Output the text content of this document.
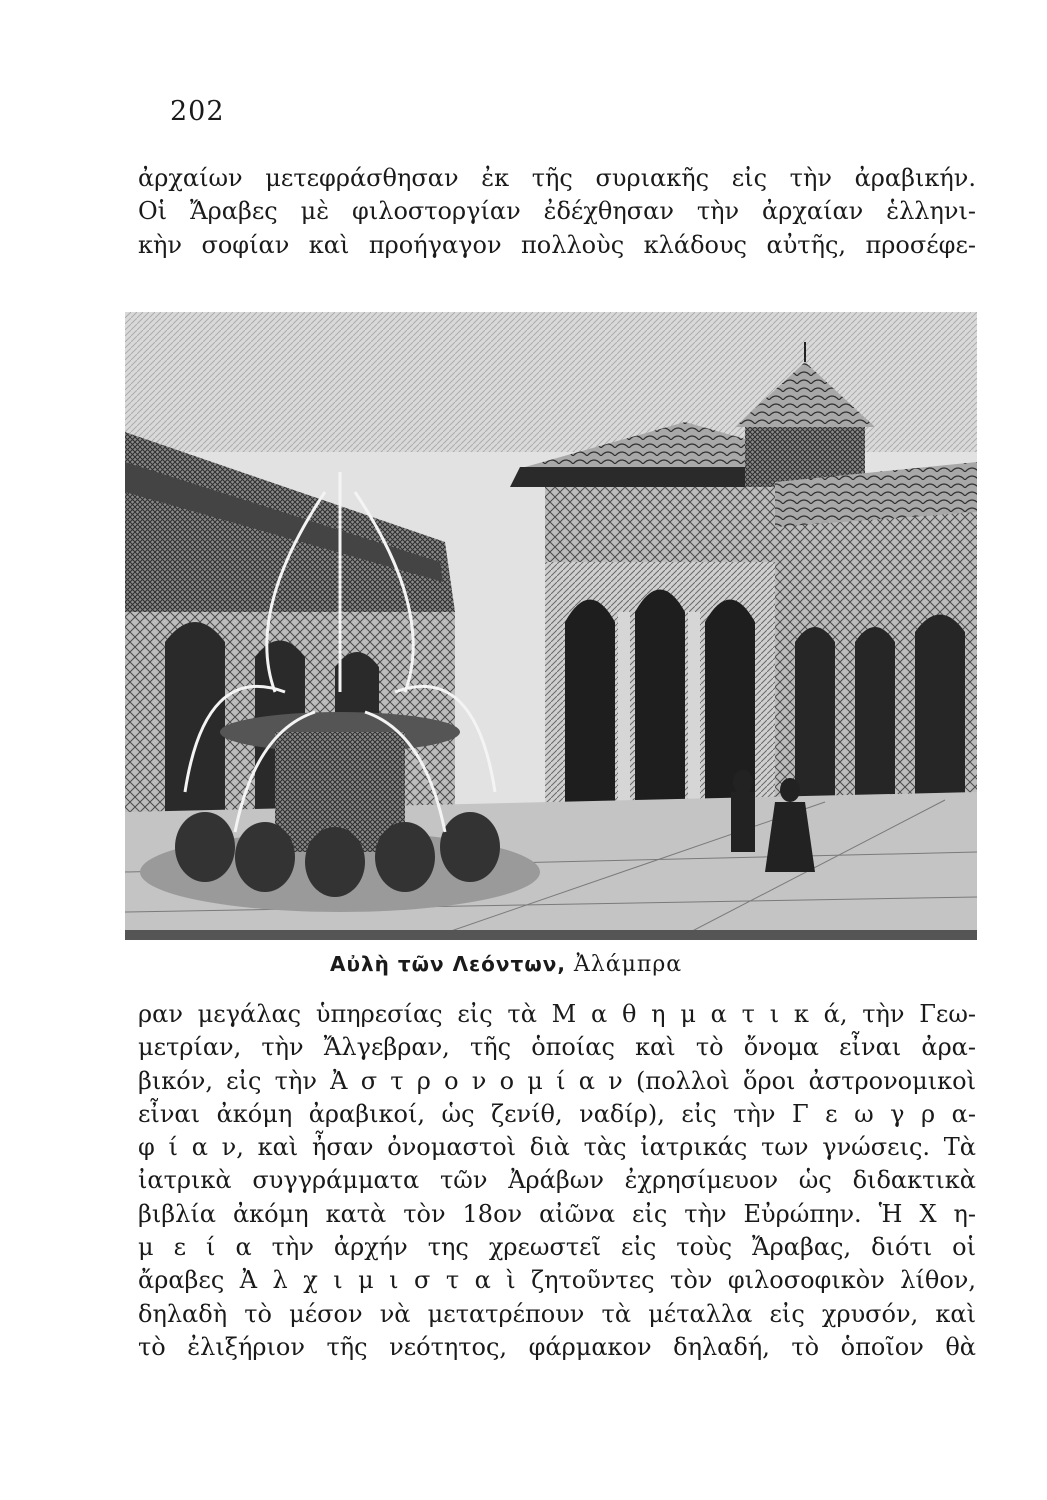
202
ἀρχαίων μετεφράσθησαν ἐκ τῆς συριακῆς εἰς τὴν ἀραβικήν.
Οἱ Ἄραβες μὲ φιλοστοργίαν ἐδέχθησαν τὴν ἀρχαίαν ἑλληνι-
κὴν σοφίαν καὶ προήγαγον πολλοὺς κλάδους αὐτῆς, προσέφε-
Αὐλὴ τῶν Λεόντων, Ἀλάμπρα
ραν μεγάλας ὑπηρεσίας εἰς τὰ Μ α θ η μ α τ ι κ ά, τὴν Γεω-
μετρίαν, τὴν Ἄλγεβραν, τῆς ὁποίας καὶ τὸ ὄνομα εἶναι ἀρα-
βικόν, εἰς τὴν Ἀ σ τ ρ ο ν ο μ ί α ν (πολλοὶ ὅροι ἀστρονομικοὶ
εἶναι ἀκόμη ἀραβικοί, ὡς ζενίθ, ναδίρ), εἰς τὴν Γ ε ω γ ρ α-
φ ί α ν, καὶ ἦσαν ὀνομαστοὶ διὰ τὰς ἰατρικάς των γνώσεις. Τὰ
ἰατρικὰ συγγράμματα τῶν Ἀράβων ἐχρησίμευον ὡς διδακτικὰ
βιβλία ἀκόμη κατὰ τὸν 18ον αἰῶνα εἰς τὴν Εὐρώπην. Ἡ Χ η-
μ ε ί α τὴν ἀρχήν της χρεωστεῖ εἰς τοὺς Ἄραβας, διότι οἱ
ἄραβες Ἀ λ χ ι μ ι σ τ α ὶ ζητοῦντες τὸν φιλοσοφικὸν λίθον,
δηλαδὴ τὸ μέσον νὰ μετατρέπουν τὰ μέταλλα εἰς χρυσόν, καὶ
τὸ ἐλιξήριον τῆς νεότητος, φάρμακον δηλαδή, τὸ ὁποῖον θὰ
